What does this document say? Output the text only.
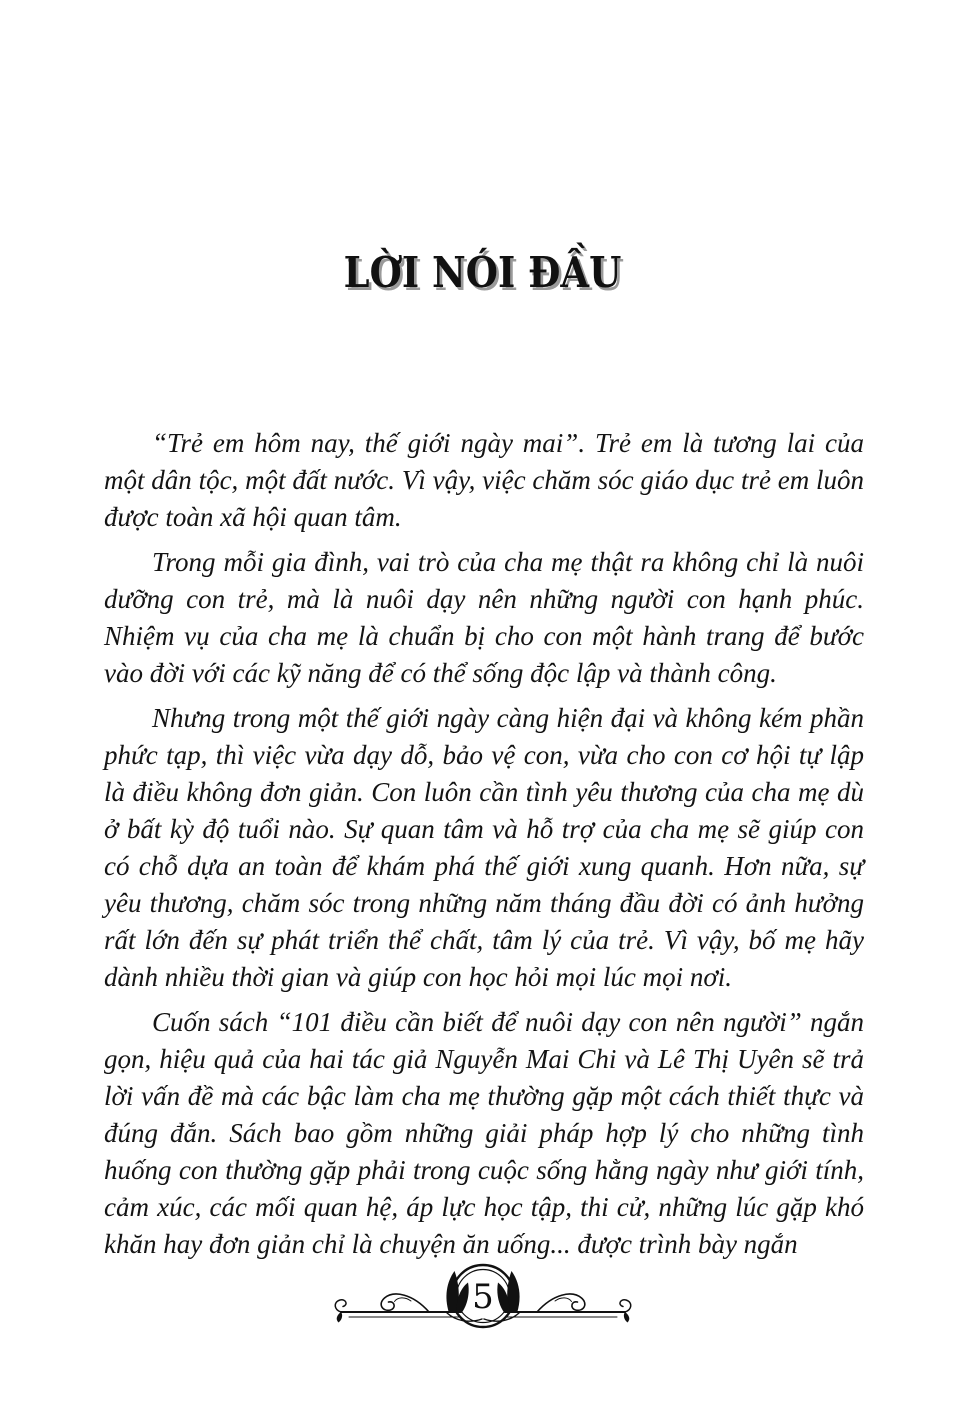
LỜI NÓI ĐẦU

“Trẻ em hôm nay, thế giới ngày mai”. Trẻ em là tương lai của một dân tộc, một đất nước. Vì vậy, việc chăm sóc giáo dục trẻ em luôn được toàn xã hội quan tâm.

Trong mỗi gia đình, vai trò của cha mẹ thật ra không chỉ là nuôi dưỡng con trẻ, mà là nuôi dạy nên những người con hạnh phúc. Nhiệm vụ của cha mẹ là chuẩn bị cho con một hành trang để bước vào đời với các kỹ năng để có thể sống độc lập và thành công.

Nhưng trong một thế giới ngày càng hiện đại và không kém phần phức tạp, thì việc vừa dạy dỗ, bảo vệ con, vừa cho con cơ hội tự lập là điều không đơn giản. Con luôn cần tình yêu thương của cha mẹ dù ở bất kỳ độ tuổi nào. Sự quan tâm và hỗ trợ của cha mẹ sẽ giúp con có chỗ dựa an toàn để khám phá thế giới xung quanh. Hơn nữa, sự yêu thương, chăm sóc trong những năm tháng đầu đời có ảnh hưởng rất lớn đến sự phát triển thể chất, tâm lý của trẻ. Vì vậy, bố mẹ hãy dành nhiều thời gian và giúp con học hỏi mọi lúc mọi nơi.

Cuốn sách “101 điều cần biết để nuôi dạy con nên người” ngắn gọn, hiệu quả của hai tác giả Nguyễn Mai Chi và Lê Thị Uyên sẽ trả lời vấn đề mà các bậc làm cha mẹ thường gặp một cách thiết thực và đúng đắn. Sách bao gồm những giải pháp hợp lý cho những tình huống con thường gặp phải trong cuộc sống hằng ngày như giới tính, cảm xúc, các mối quan hệ, áp lực học tập, thi cử, những lúc gặp khó khăn hay đơn giản chỉ là chuyện ăn uống... được trình bày ngắn

5
